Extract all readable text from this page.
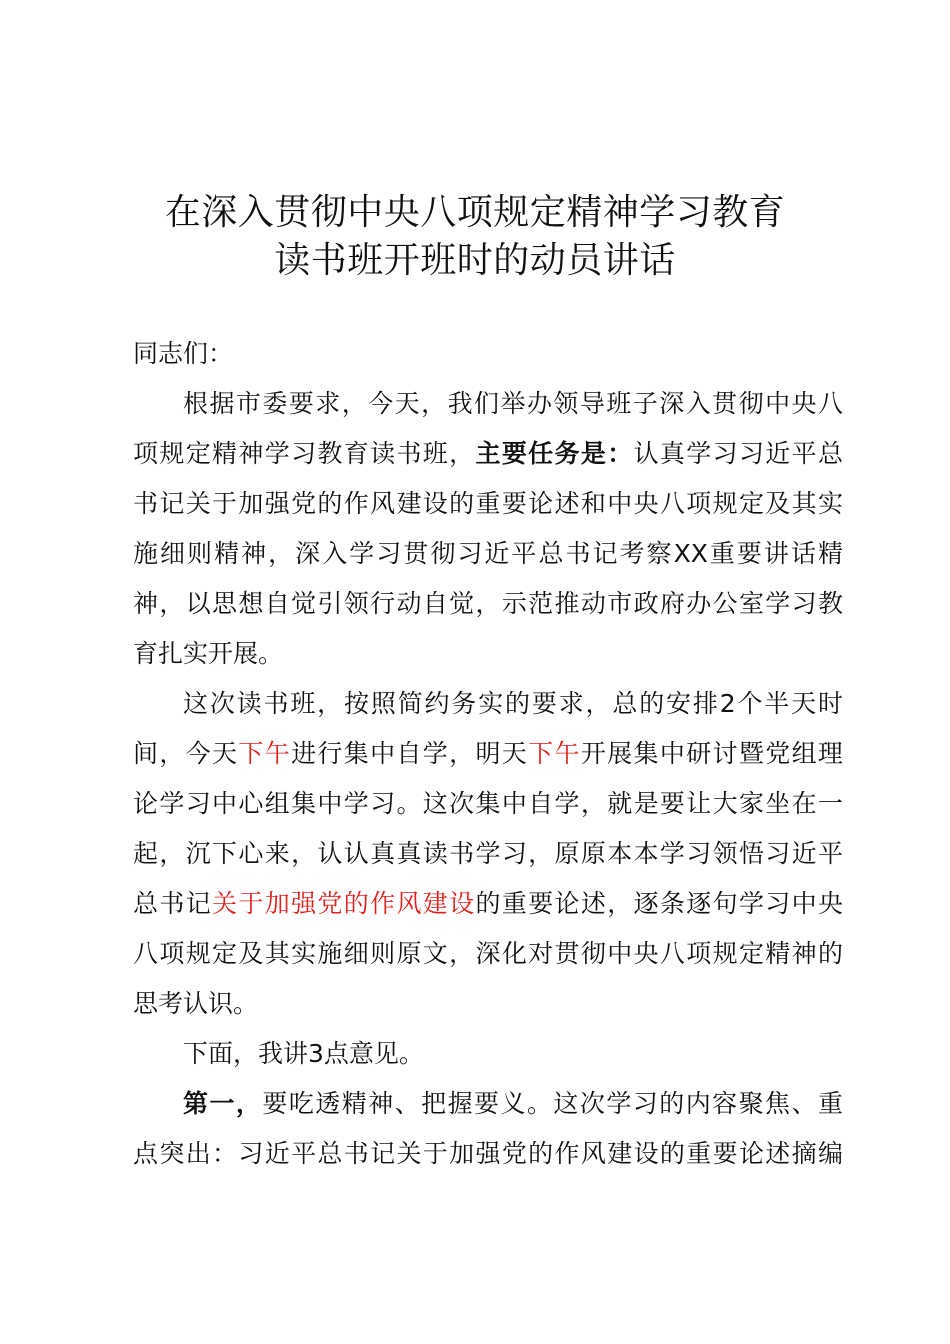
在深入贯彻中央八项规定精神学习教育
读书班开班时的动员讲话
同志们：
根据市委要求，今天，我们举办领导班子深入贯彻中央八
项规定精神学习教育读书班，主要任务是：认真学习习近平总
书记关于加强党的作风建设的重要论述和中央八项规定及其实
施细则精神，深入学习贯彻习近平总书记考察XX重要讲话精
神，以思想自觉引领行动自觉，示范推动市政府办公室学习教
育扎实开展。
这次读书班，按照简约务实的要求，总的安排2个半天时
间，今天下午进行集中自学，明天下午开展集中研讨暨党组理
论学习中心组集中学习。这次集中自学，就是要让大家坐在一
起，沉下心来，认认真真读书学习，原原本本学习领悟习近平
总书记关于加强党的作风建设的重要论述，逐条逐句学习中央
八项规定及其实施细则原文，深化对贯彻中央八项规定精神的
思考认识。
下面，我讲3点意见。
第一，要吃透精神、把握要义。这次学习的内容聚焦、重
点突出：习近平总书记关于加强党的作风建设的重要论述摘编
